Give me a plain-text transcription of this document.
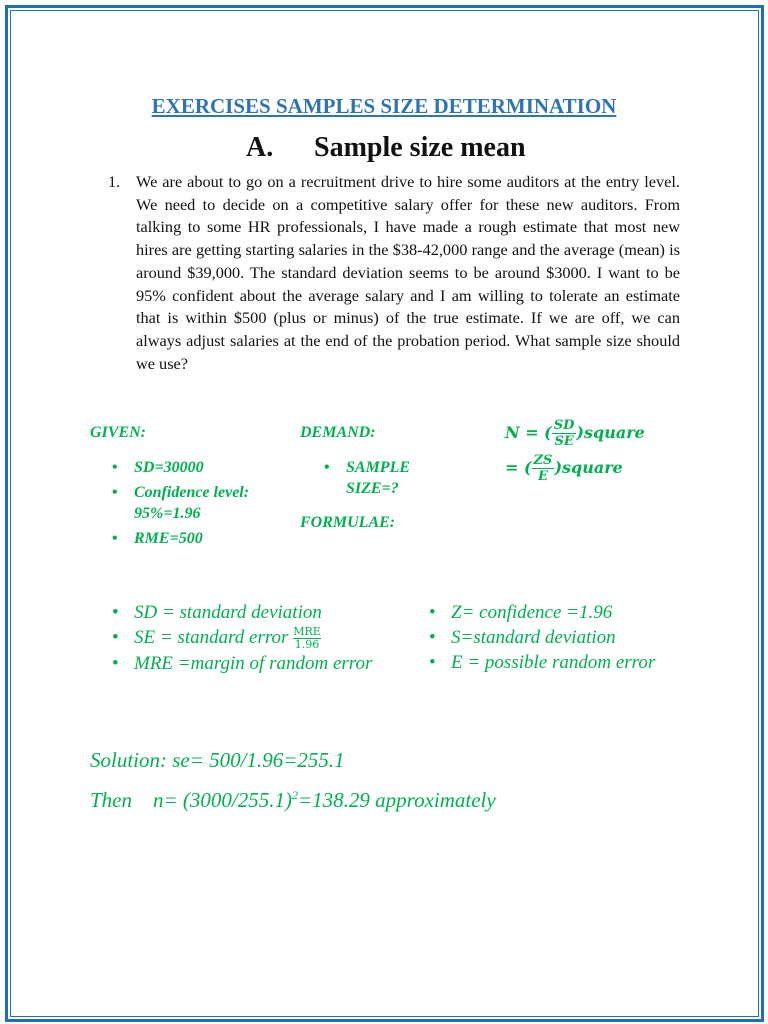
EXERCISES SAMPLES SIZE DETERMINATION
A. Sample size mean
1. We are about to go on a recruitment drive to hire some auditors at the entry level. We need to decide on a competitive salary offer for these new auditors. From talking to some HR professionals, I have made a rough estimate that most new hires are getting starting salaries in the $38-42,000 range and the average (mean) is around $39,000. The standard deviation seems to be around $3000. I want to be 95% confident about the average salary and I am willing to tolerate an estimate that is within $500 (plus or minus) of the true estimate. If we are off, we can always adjust salaries at the end of the probation period. What sample size should we use?
GIVEN:
• SD=30000
• Confidence level: 95%=1.96
• RME=500
DEMAND:
• SAMPLE SIZE=?
FORMULAE:
N = ( $\frac{SD}{SE}$ )square
= ( $\frac{ZS}{E}$ )square
• SD = standard deviation
• SE = standard error $\frac{\text{MRE}}{1.96}$
• MRE =margin of random error
• Z= confidence =1.96
• S=standard deviation
• E = possible random error
Solution: se= 500/1.96=255.1
Then $n= (3000/255.1)^2=138.29$ approximately
